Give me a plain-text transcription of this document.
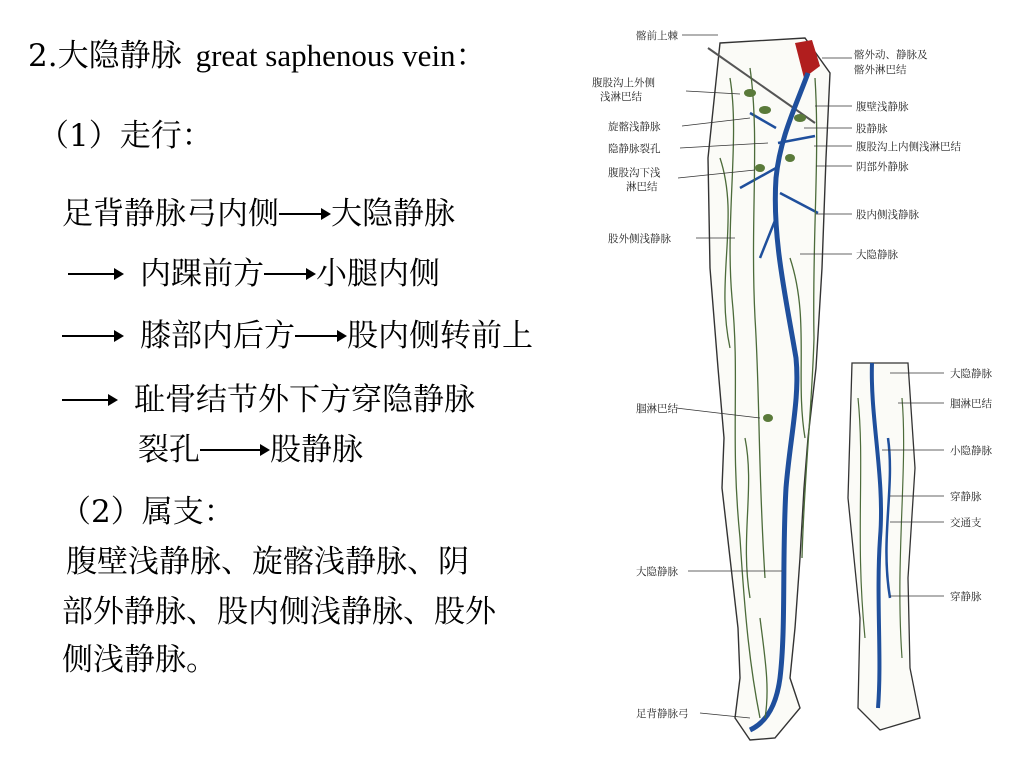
2.大隐静脉 great saphenous vein：
（1）走行：
足背静脉弓内侧 大隐静脉
内踝前方 小腿内侧
膝部内后方 股内侧转前上
耻骨结节外下方穿隐静脉
裂孔 股静脉
（2）属支：
腹壁浅静脉、旋髂浅静脉、阴
部外静脉、股内侧浅静脉、股外
侧浅静脉。
髂前上棘
腹股沟上外侧
浅淋巴结
旋髂浅静脉
隐静脉裂孔
腹股沟下浅
淋巴结
股外侧浅静脉
腘淋巴结
大隐静脉
足背静脉弓
髂外动、静脉及
髂外淋巴结
腹壁浅静脉
股静脉
腹股沟上内侧浅淋巴结
阴部外静脉
股内侧浅静脉
大隐静脉
大隐静脉
腘淋巴结
小隐静脉
穿静脉
交通支
穿静脉
